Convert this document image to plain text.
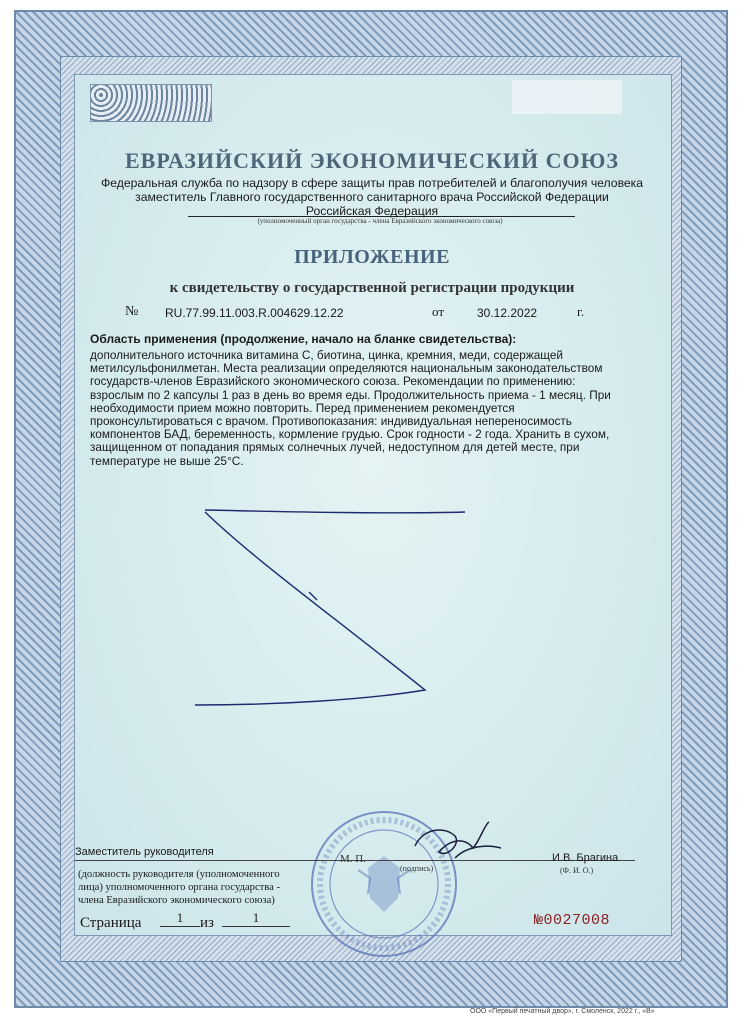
ЕВРАЗИЙСКИЙ ЭКОНОМИЧЕСКИЙ СОЮЗ
Федеральная служба по надзору в сфере защиты прав потребителей и благополучия человека
заместитель Главного государственного санитарного врача Российской Федерации
Российская Федерация
(уполномоченный орган государства - члена Евразийского экономического союза)
ПРИЛОЖЕНИЕ
к свидетельству о государственной регистрации продукции
№ RU.77.99.11.003.R.004629.12.22	от	30.12.2022	г.
Область применения (продолжение, начало на бланке свидетельства):
дополнительного источника витамина С, биотина, цинка, кремния, меди, содержащей
метилсульфонилметан. Места реализации определяются национальным законодательством
государств-членов Евразийского экономического союза. Рекомендации по применению:
взрослым по 2 капсулы 1 раз в день во время еды. Продолжительность приема - 1 месяц. При
необходимости прием можно повторить. Перед применением рекомендуется
проконсультироваться с врачом. Противопоказания: индивидуальная непереносимость
компонентов БАД, беременность, кормление грудью. Срок годности - 2 года. Хранить в сухом,
защищенном от попадания прямых солнечных лучей, недоступном для детей месте, при
температуре не выше 25°С.
Заместитель руководителя
М. П.
(подпись)
И.В. Брагина
(Ф. И. О.)
(должность руководителя (уполномоченного
лица) уполномоченного органа государства -
члена Евразийского экономического союза)
Страница	1	из	1	№0027008
ООО «Первый печатный двор», г. Смоленск, 2022 г., «В»
